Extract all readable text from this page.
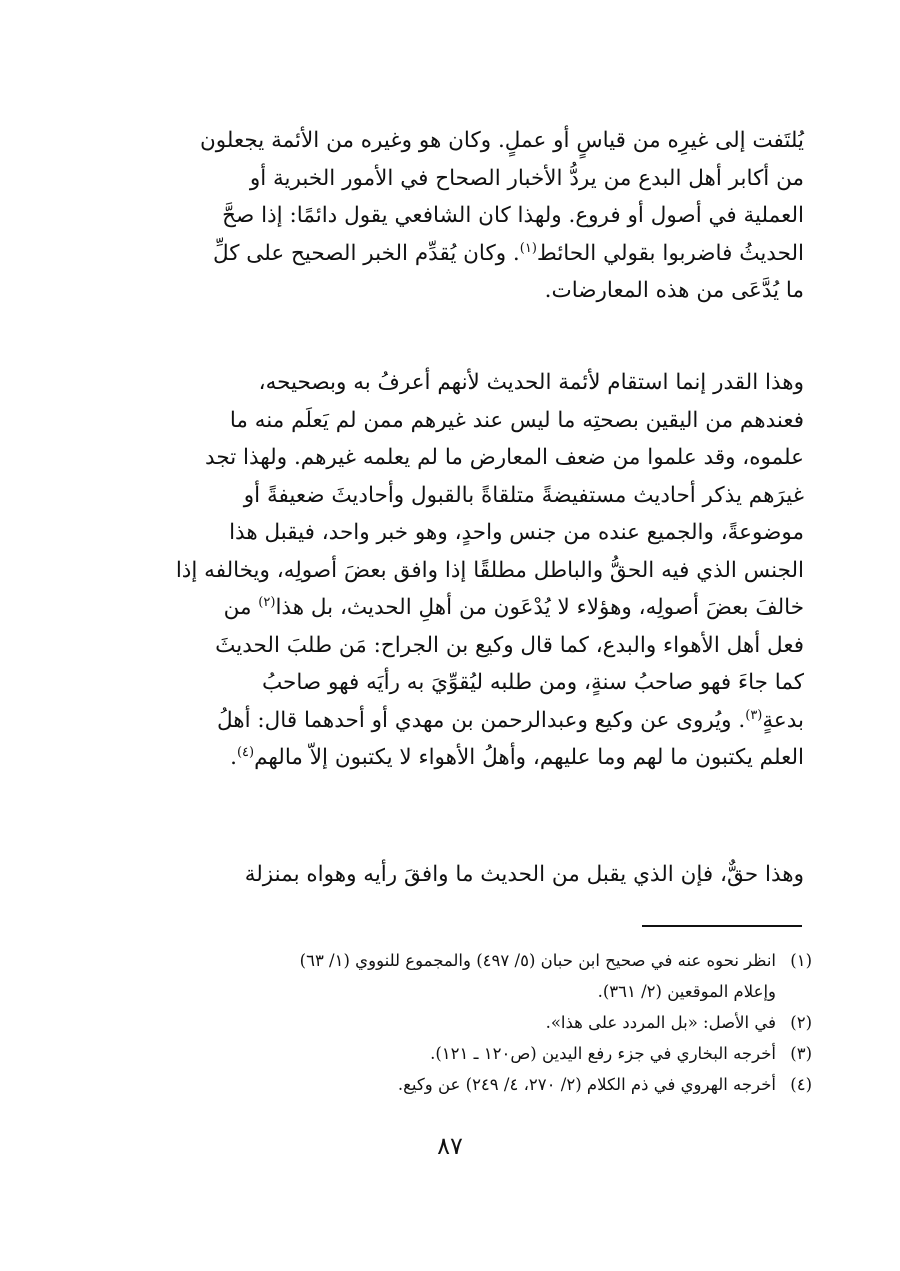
يُلتَفت إلى غيرِه من قياسٍ أو عملٍ. وكان هو وغيره من الأئمة يجعلون
من أكابر أهل البدع من يردُّ الأخبار الصحاح في الأمور الخبرية أو
العملية في أصول أو فروع. ولهذا كان الشافعي يقول دائمًا: إذا صحَّ
الحديثُ فاضربوا بقولي الحائط$^{(١)}$. وكان يُقدِّم الخبر الصحيح على كلِّ
ما يُدَّعَى من هذه المعارضات.
وهذا القدر إنما استقام لأئمة الحديث لأنهم أعرفُ به وبصحيحه،
فعندهم من اليقين بصحتِه ما ليس عند غيرهم ممن لم يَعلَم منه ما
علموه، وقد علموا من ضعف المعارض ما لم يعلمه غيرهم. ولهذا تجد
غيرَهم يذكر أحاديث مستفيضةً متلقاةً بالقبول وأحاديثَ ضعيفةً أو
موضوعةً، والجميع عنده من جنس واحدٍ، وهو خبر واحد، فيقبل هذا
الجنس الذي فيه الحقُّ والباطل مطلقًا إذا وافق بعضَ أصولِه، ويخالفه إذا
خالفَ بعضَ أصولِه، وهؤلاء لا يُدْعَون من أهلِ الحديث، بل هذا$^{(٢)}$ من
فعل أهل الأهواء والبدع، كما قال وكيع بن الجراح: مَن طلبَ الحديثَ
كما جاءَ فهو صاحبُ سنةٍ، ومن طلبه ليُقوِّيَ به رأيَه فهو صاحبُ
بدعةٍ$^{(٣)}$. ويُروى عن وكيع وعبدالرحمن بن مهدي أو أحدهما قال: أهلُ
العلم يكتبون ما لهم وما عليهم، وأهلُ الأهواء لا يكتبون إلاّ مالهم$^{(٤)}$.
وهذا حقٌّ، فإن الذي يقبل من الحديث ما وافقَ رأيه وهواه بمنزلة
(١)
انظر نحوه عنه في صحيح ابن حبان (٥/ ٤٩٧) والمجموع للنووي (١/ ٦٣)
وإعلام الموقعين (٢/ ٣٦١).
(٢)
في الأصل: «بل المردد على هذا».
(٣)
أخرجه البخاري في جزء رفع اليدين (ص١٢٠ ـ ١٢١).
(٤)
أخرجه الهروي في ذم الكلام (٢/ ٢٧٠، ٤/ ٢٤٩) عن وكيع.
٨٧
